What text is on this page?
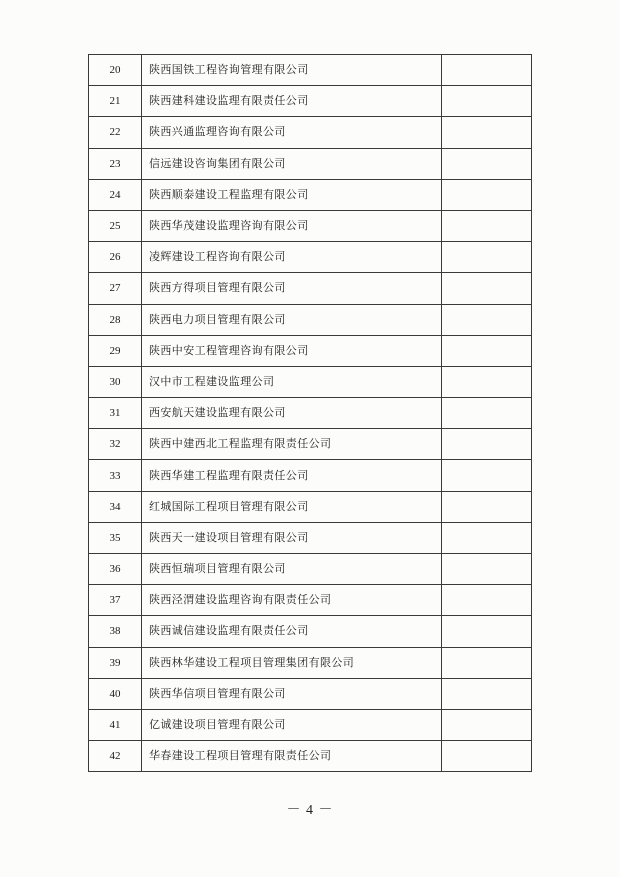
20	陕西国铁工程咨询管理有限公司	
21	陕西建科建设监理有限责任公司	
22	陕西兴通监理咨询有限公司	
23	信远建设咨询集团有限公司	
24	陕西顺泰建设工程监理有限公司	
25	陕西华茂建设监理咨询有限公司	
26	凌辉建设工程咨询有限公司	
27	陕西方得项目管理有限公司	
28	陕西电力项目管理有限公司	
29	陕西中安工程管理咨询有限公司	
30	汉中市工程建设监理公司	
31	西安航天建设监理有限公司	
32	陕西中建西北工程监理有限责任公司	
33	陕西华建工程监理有限责任公司	
34	红城国际工程项目管理有限公司	
35	陕西天一建设项目管理有限公司	
36	陕西恒瑞项目管理有限公司	
37	陕西泾渭建设监理咨询有限责任公司	
38	陕西诚信建设监理有限责任公司	
39	陕西林华建设工程项目管理集团有限公司	
40	陕西华信项目管理有限公司	
41	亿诚建设项目管理有限公司	
42	华春建设工程项目管理有限责任公司	
－ 4 －
